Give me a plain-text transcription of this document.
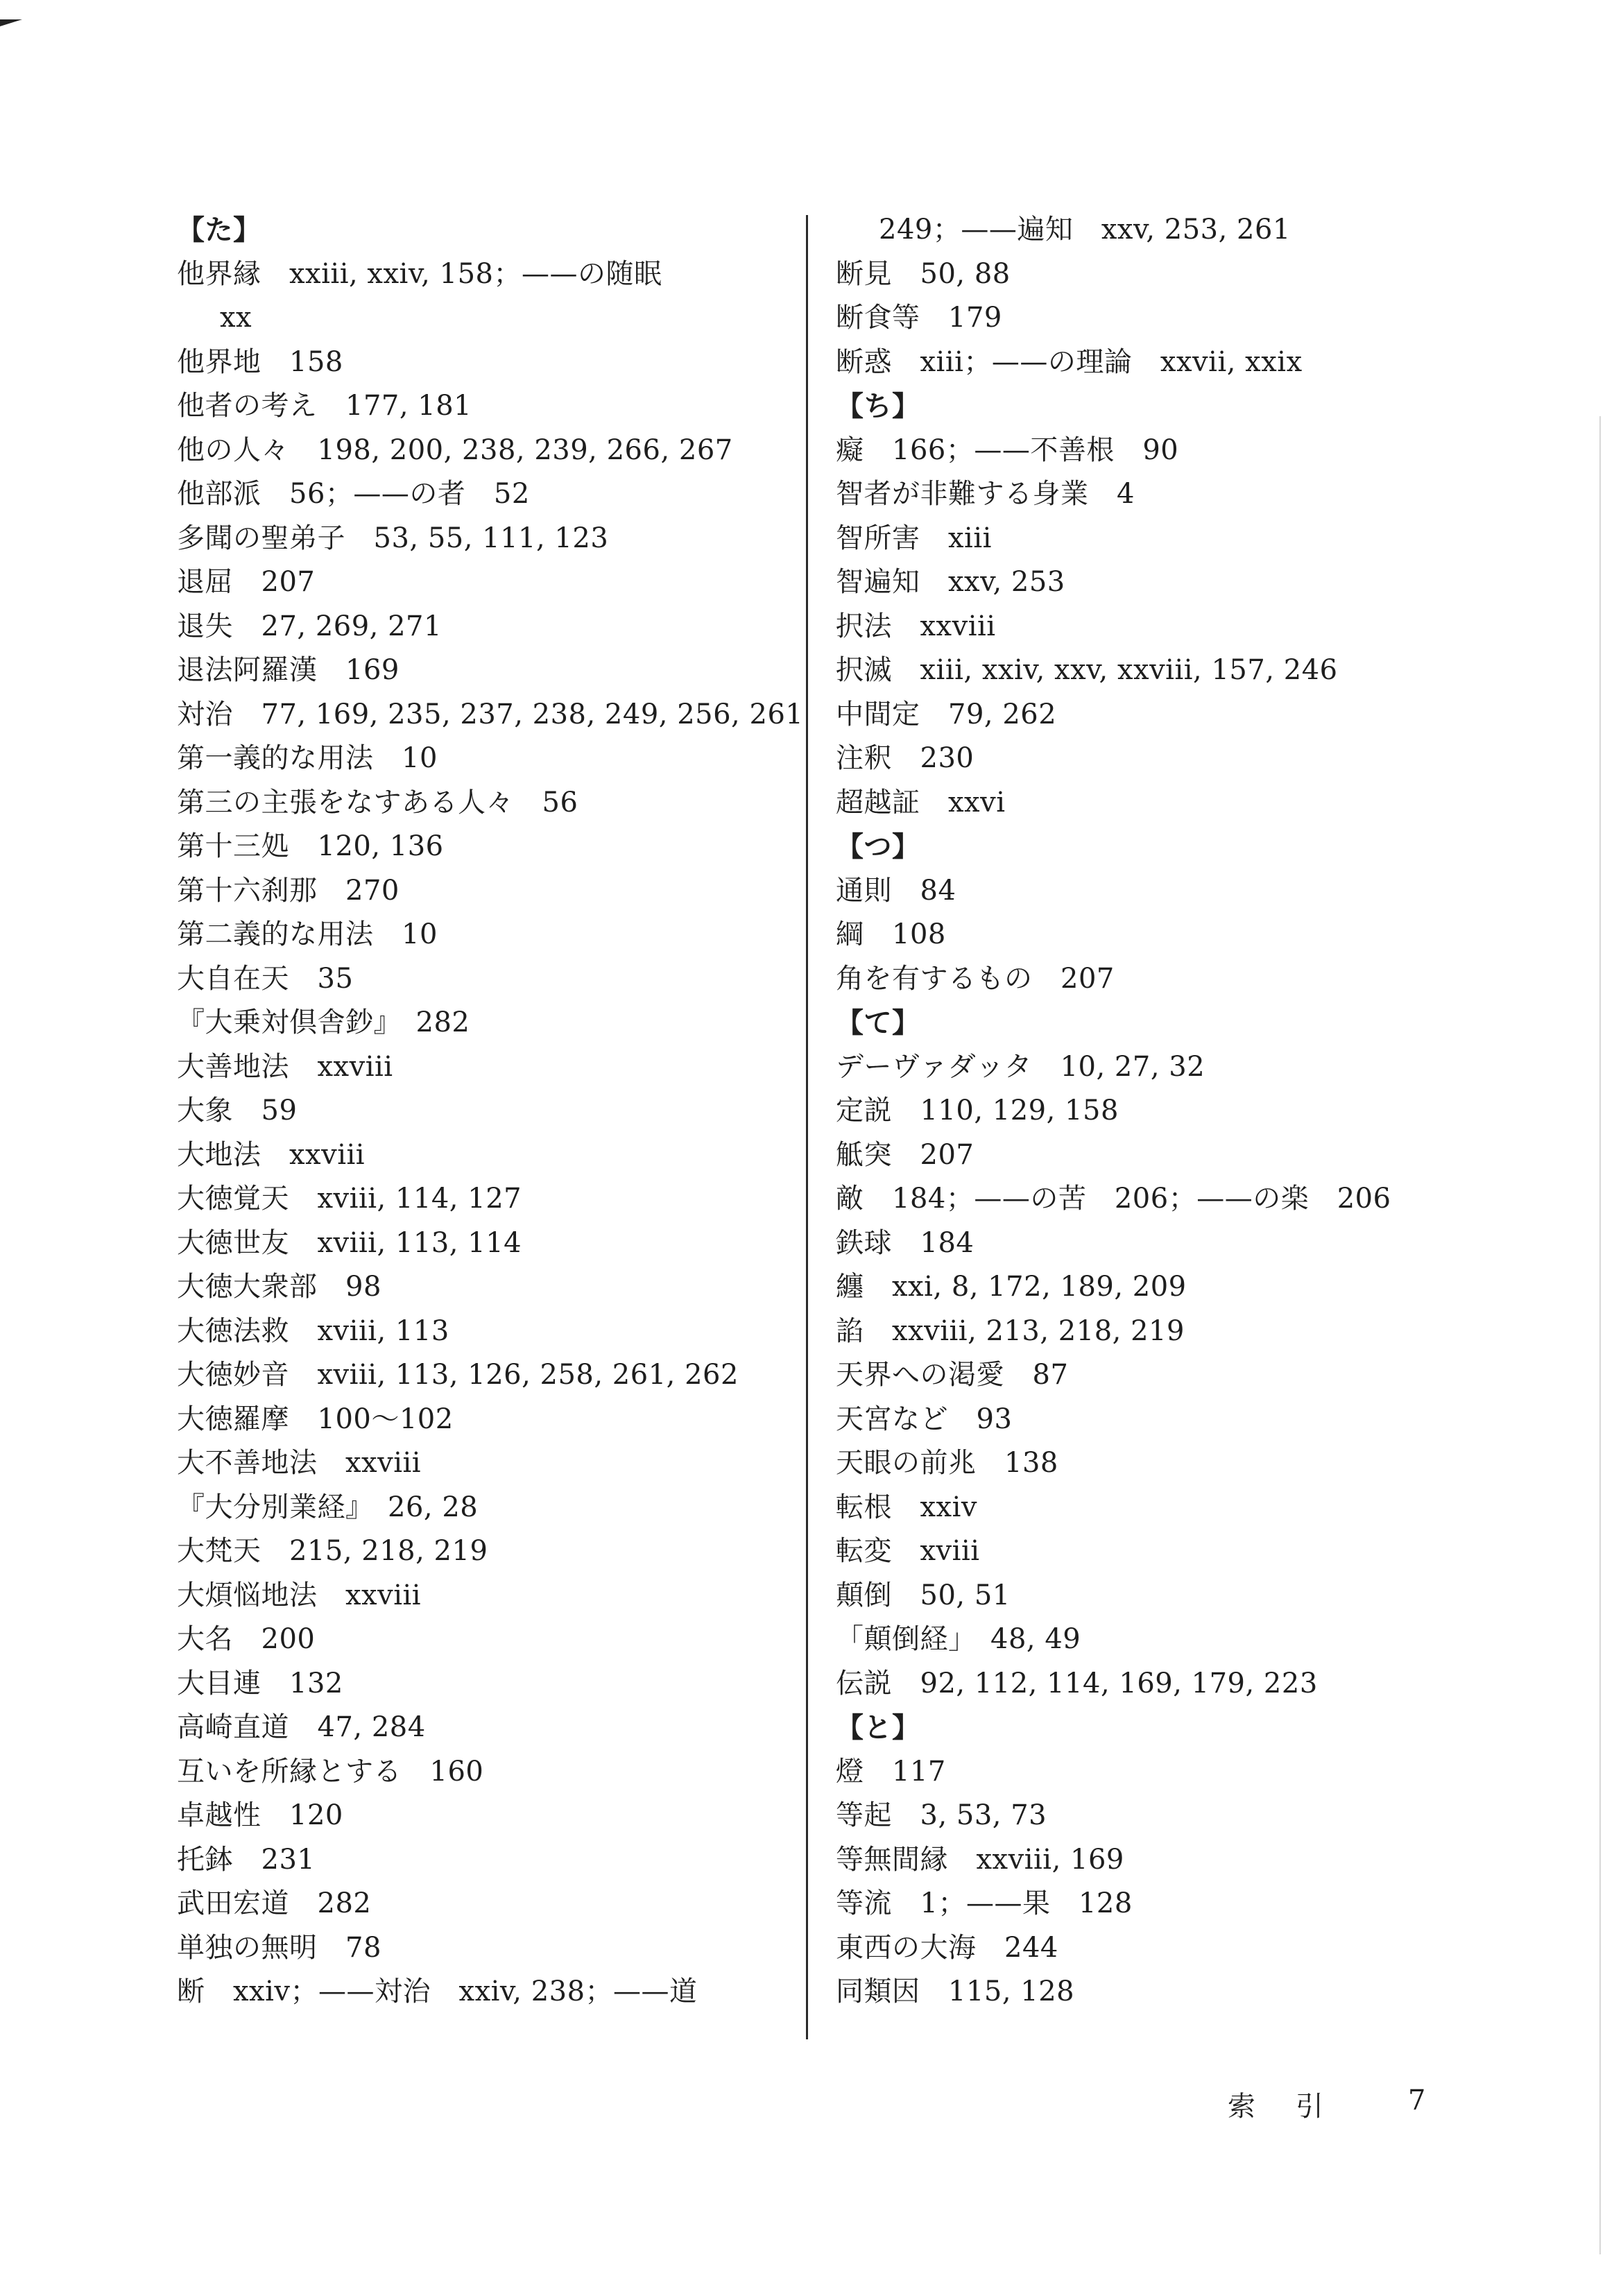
【た】
他界縁　xxiii, xxiv, 158；——の随眠
xx
他界地　158
他者の考え　177, 181
他の人々　198, 200, 238, 239, 266, 267
他部派　56；——の者　52
多聞の聖弟子　53, 55, 111, 123
退屈　207
退失　27, 269, 271
退法阿羅漢　169
対治　77, 169, 235, 237, 238, 249, 256, 261
第一義的な用法　10
第三の主張をなすある人々　56
第十三処　120, 136
第十六刹那　270
第二義的な用法　10
大自在天　35
『大乗対倶舎鈔』　282
大善地法　xxviii
大象　59
大地法　xxviii
大徳覚天　xviii, 114, 127
大徳世友　xviii, 113, 114
大徳大衆部　98
大徳法救　xviii, 113
大徳妙音　xviii, 113, 126, 258, 261, 262
大徳羅摩　100～102
大不善地法　xxviii
『大分別業経』　26, 28
大梵天　215, 218, 219
大煩悩地法　xxviii
大名　200
大目連　132
高崎直道　47, 284
互いを所縁とする　160
卓越性　120
托鉢　231
武田宏道　282
単独の無明　78
断　xxiv；——対治　xxiv, 238；——道
249；——遍知　xxv, 253, 261
断見　50, 88
断食等　179
断惑　xiii；——の理論　xxvii, xxix
【ち】
癡　166；——不善根　90
智者が非難する身業　4
智所害　xiii
智遍知　xxv, 253
択法　xxviii
択滅　xiii, xxiv, xxv, xxviii, 157, 246
中間定　79, 262
注釈　230
超越証　xxvi
【つ】
通則　84
綱　108
角を有するもの　207
【て】
デーヴァダッタ　10, 27, 32
定説　110, 129, 158
觝突　207
敵　184；——の苦　206；——の楽　206
鉄球　184
纏　xxi, 8, 172, 189, 209
諂　xxviii, 213, 218, 219
天界への渇愛　87
天宮など　93
天眼の前兆　138
転根　xxiv
転変　xviii
顛倒　50, 51
「顛倒経」　48, 49
伝説　92, 112, 114, 169, 179, 223
【と】
燈　117
等起　3, 53, 73
等無間縁　xxviii, 169
等流　1；——果　128
東西の大海　244
同類因　115, 128
索引 7
